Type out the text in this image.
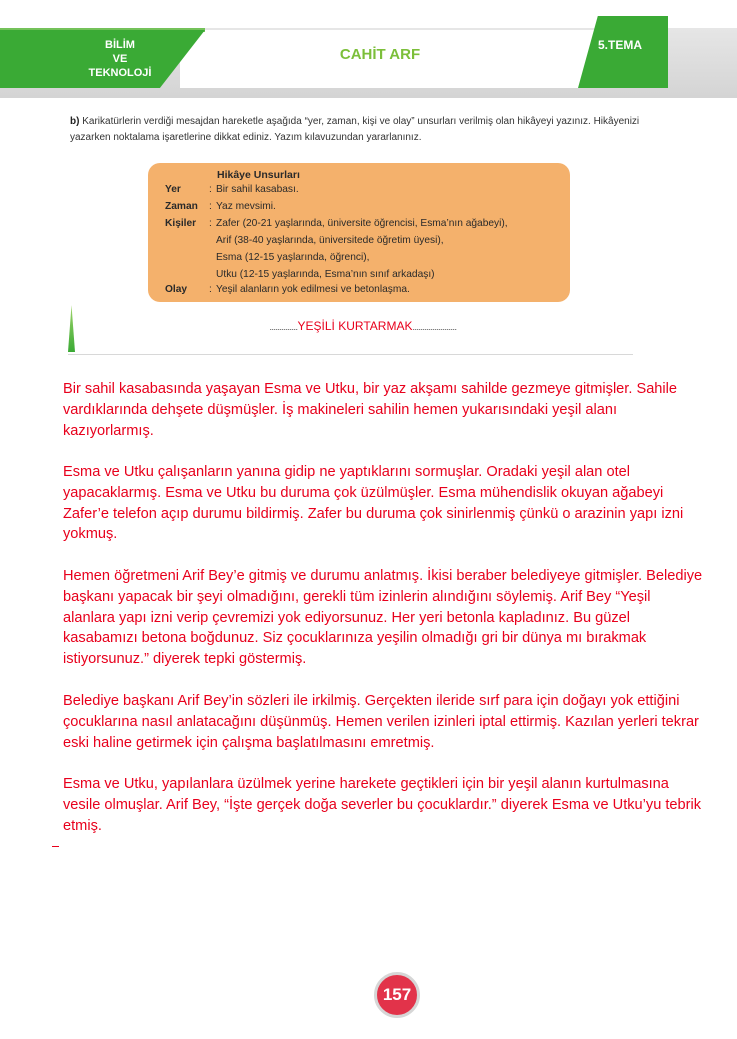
BİLİM
VE
TEKNOLOJİ
CAHİT ARF
5.TEMA
b) Karikatürlerin verdiği mesajdan hareketle aşağıda “yer, zaman, kişi ve olay” unsurları verilmiş olan hikâyeyi yazınız. Hikâyenizi yazarken noktalama işaretlerine dikkat ediniz. Yazım kılavuzundan yararlanınız.
Hikâye Unsurları
Yer	: Bir sahil kasabası.
Zaman	: Yaz mevsimi.
Kişiler	: Zafer (20-21 yaşlarında, üniversite öğrencisi, Esma’nın ağabeyi),
Arif (38-40 yaşlarında, üniversitede öğretim üyesi),
Esma (12-15 yaşlarında, öğrenci),
Utku (12-15 yaşlarında, Esma’nın sınıf arkadaşı)
Olay	: Yeşil alanların yok edilmesi ve betonlaşma.
..............YEŞİLİ KURTARMAK......................
Bir sahil kasabasında yaşayan Esma ve Utku, bir yaz akşamı sahilde gezmeye gitmişler. Sahile vardıklarında dehşete düşmüşler. İş makineleri sahilin hemen yukarısındaki yeşil alanı kazıyorlarmış.
Esma ve Utku çalışanların yanına gidip ne yaptıklarını sormuşlar. Oradaki yeşil alan otel yapacaklarmış. Esma ve Utku bu duruma çok üzülmüşler. Esma mühendislik okuyan ağabeyi Zafer’e telefon açıp durumu bildirmiş. Zafer bu duruma çok sinirlenmiş çünkü o arazinin yapı izni yokmuş.
Hemen öğretmeni Arif Bey’e gitmiş ve durumu anlatmış. İkisi beraber belediyeye gitmişler. Belediye başkanı yapacak bir şeyi olmadığını, gerekli tüm izinlerin alındığını söylemiş. Arif Bey “Yeşil alanlara yapı izni verip çevremizi yok ediyorsunuz. Her yeri betonla kapladınız. Bu güzel kasabamızı betona boğdunuz. Siz çocuklarınıza yeşilin olmadığı gri bir dünya mı bırakmak istiyorsunuz.” diyerek tepki göstermiş.
Belediye başkanı Arif Bey’in sözleri ile irkilmiş. Gerçekten ileride sırf para için doğayı yok ettiğini çocuklarına nasıl anlatacağını düşünmüş. Hemen verilen izinleri iptal ettirmiş. Kazılan yerleri tekrar eski haline getirmek için çalışma başlatılmasını emretmiş.
Esma ve Utku, yapılanlara üzülmek yerine harekete geçtikleri için bir yeşil alanın kurtulmasına vesile olmuşlar. Arif Bey, “İşte gerçek doğa severler bu çocuklardır.” diyerek Esma ve Utku’yu tebrik etmiş.
157
